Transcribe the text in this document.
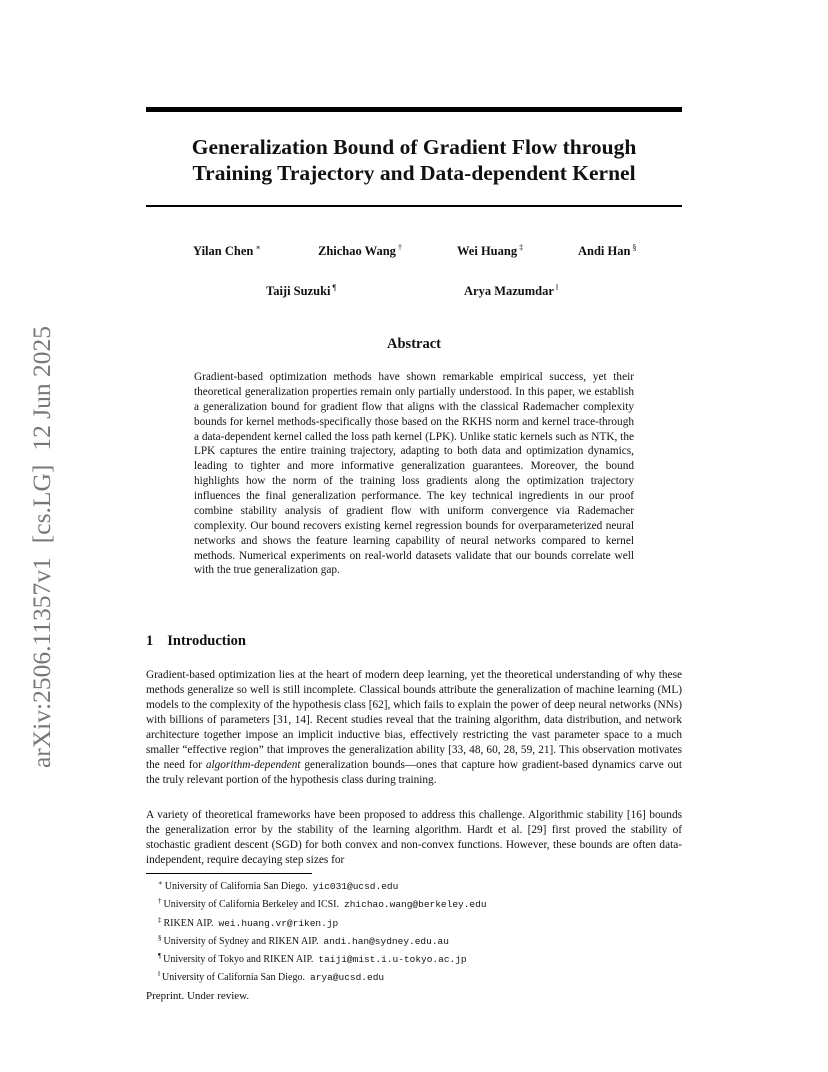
arXiv:2506.11357v1[cs.LG]12 Jun 2025
Generalization Bound of Gradient Flow through
Training Trajectory and Data-dependent Kernel
Yilan Chen ∗	Zhichao Wang †	Wei Huang ‡	Andi Han §
Taiji Suzuki ¶	Arya Mazumdar ‖
Abstract

Gradient-based optimization methods have shown remarkable empirical success, yet their theoretical generalization properties remain only partially understood. In this paper, we establish a generalization bound for gradient flow that aligns with the classical Rademacher complexity bounds for kernel methods-specifically those based on the RKHS norm and kernel trace-through a data-dependent kernel called the loss path kernel (LPK). Unlike static kernels such as NTK, the LPK captures the entire training trajectory, adapting to both data and optimization dynamics, leading to tighter and more informative generalization guarantees. Moreover, the bound highlights how the norm of the training loss gradients along the optimization trajectory influences the final generalization performance. The key technical ingredients in our proof combine stability analysis of gradient flow with uniform convergence via Rademacher complexity. Our bound recovers existing kernel regression bounds for overparameterized neural networks and shows the feature learning capability of neural networks compared to kernel methods. Numerical experiments on real-world datasets validate that our bounds correlate well with the true generalization gap.

1 Introduction

Gradient-based optimization lies at the heart of modern deep learning, yet the theoretical understanding of why these methods generalize so well is still incomplete. Classical bounds attribute the generalization of machine learning (ML) models to the complexity of the hypothesis class [62], which fails to explain the power of deep neural networks (NNs) with billions of parameters [31, 14]. Recent studies reveal that the training algorithm, data distribution, and network architecture together impose an implicit inductive bias, effectively restricting the vast parameter space to a much smaller “effective region” that improves the generalization ability [33, 48, 60, 28, 59, 21]. This observation motivates the need for algorithm-dependent generalization bounds—ones that capture how gradient-based dynamics carve out the truly relevant portion of the hypothesis class during training.

A variety of theoretical frameworks have been proposed to address this challenge. Algorithmic stability [16] bounds the generalization error by the stability of the learning algorithm. Hardt et al. [29] first proved the stability of stochastic gradient descent (SGD) for both convex and non-convex functions. However, these bounds are often data-independent, require decaying step sizes for

∗ University of California San Diego. yic031@ucsd.edu
† University of California Berkeley and ICSI. zhichao.wang@berkeley.edu
‡ RIKEN AIP. wei.huang.vr@riken.jp
§ University of Sydney and RIKEN AIP. andi.han@sydney.edu.au
¶ University of Tokyo and RIKEN AIP. taiji@mist.i.u-tokyo.ac.jp
‖ University of California San Diego. arya@ucsd.edu

Preprint. Under review.
